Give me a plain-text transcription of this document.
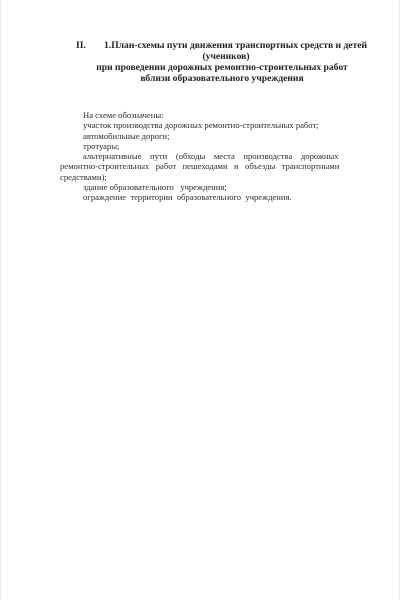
II. 1.План-схемы пути движения транспортных средств и детей
(учеников)
при проведении дорожных ремонтно-строительных работ
вблизи образовательного учреждения
На схеме обозначены:
участок производства дорожных ремонтно-строительных работ;
автомобильные дороги;
тротуары;
альтернативные    пути    (обходы    места    производства    дорожных
ремонтно-строительных   работ   пешеходами   и   объезды   транспортными
средствами);
здание образовательного   учреждения;
ограждение  территории  образовательного  учреждения.
